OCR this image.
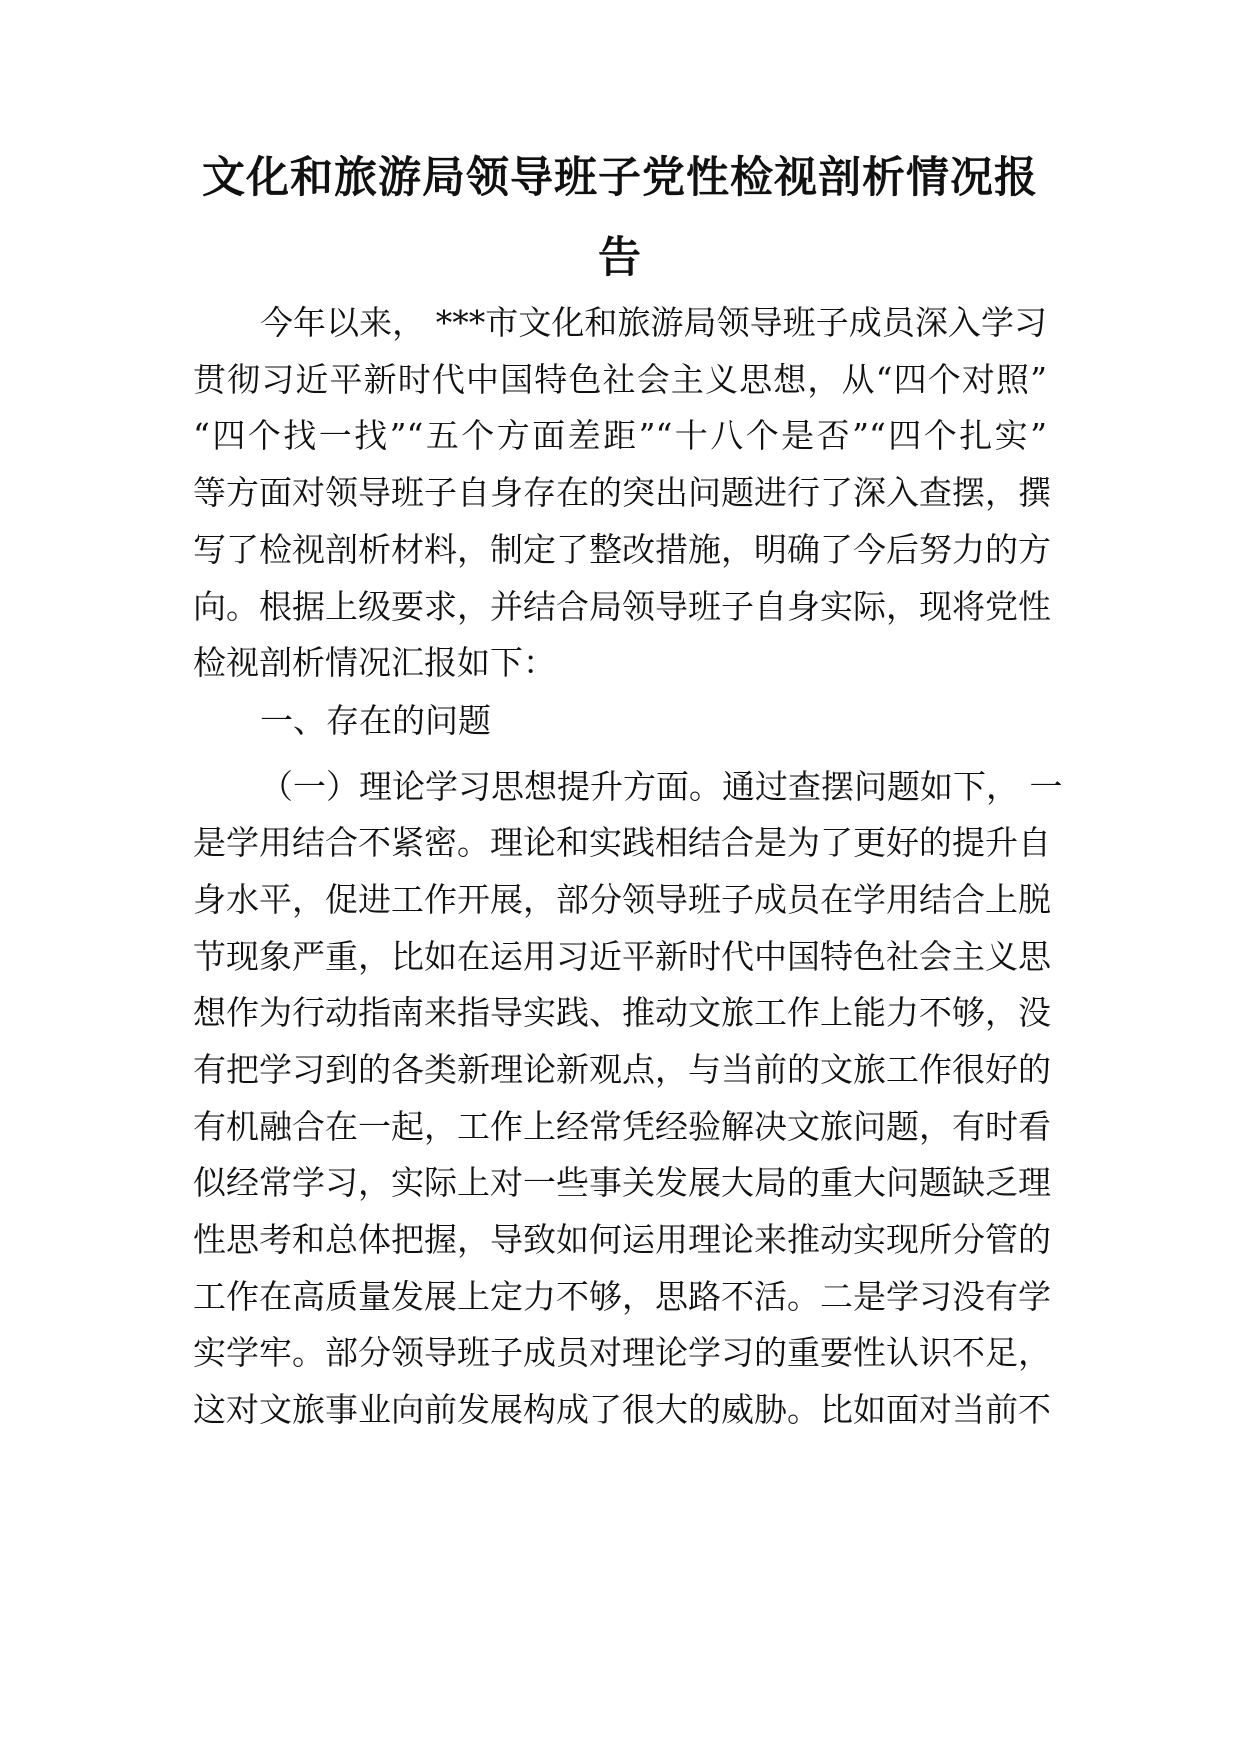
文化和旅游局领导班子党性检视剖析情况报
告
今年以来， ***市文化和旅游局领导班子成员深入学习
贯彻习近平新时代中国特色社会主义思想，从“四个对照”
“四个找一找”“五个方面差距”“十八个是否”“四个扎实”
等方面对领导班子自身存在的突出问题进行了深入查摆，撰
写了检视剖析材料，制定了整改措施，明确了今后努力的方
向。根据上级要求，并结合局领导班子自身实际，现将党性
检视剖析情况汇报如下：
一、存在的问题
（一）理论学习思想提升方面。通过查摆问题如下， 一
是学用结合不紧密。理论和实践相结合是为了更好的提升自
身水平，促进工作开展，部分领导班子成员在学用结合上脱
节现象严重，比如在运用习近平新时代中国特色社会主义思
想作为行动指南来指导实践、推动文旅工作上能力不够，没
有把学习到的各类新理论新观点，与当前的文旅工作很好的
有机融合在一起，工作上经常凭经验解决文旅问题，有时看
似经常学习，实际上对一些事关发展大局的重大问题缺乏理
性思考和总体把握，导致如何运用理论来推动实现所分管的
工作在高质量发展上定力不够，思路不活。二是学习没有学
实学牢。部分领导班子成员对理论学习的重要性认识不足，
这对文旅事业向前发展构成了很大的威胁。比如面对当前不
